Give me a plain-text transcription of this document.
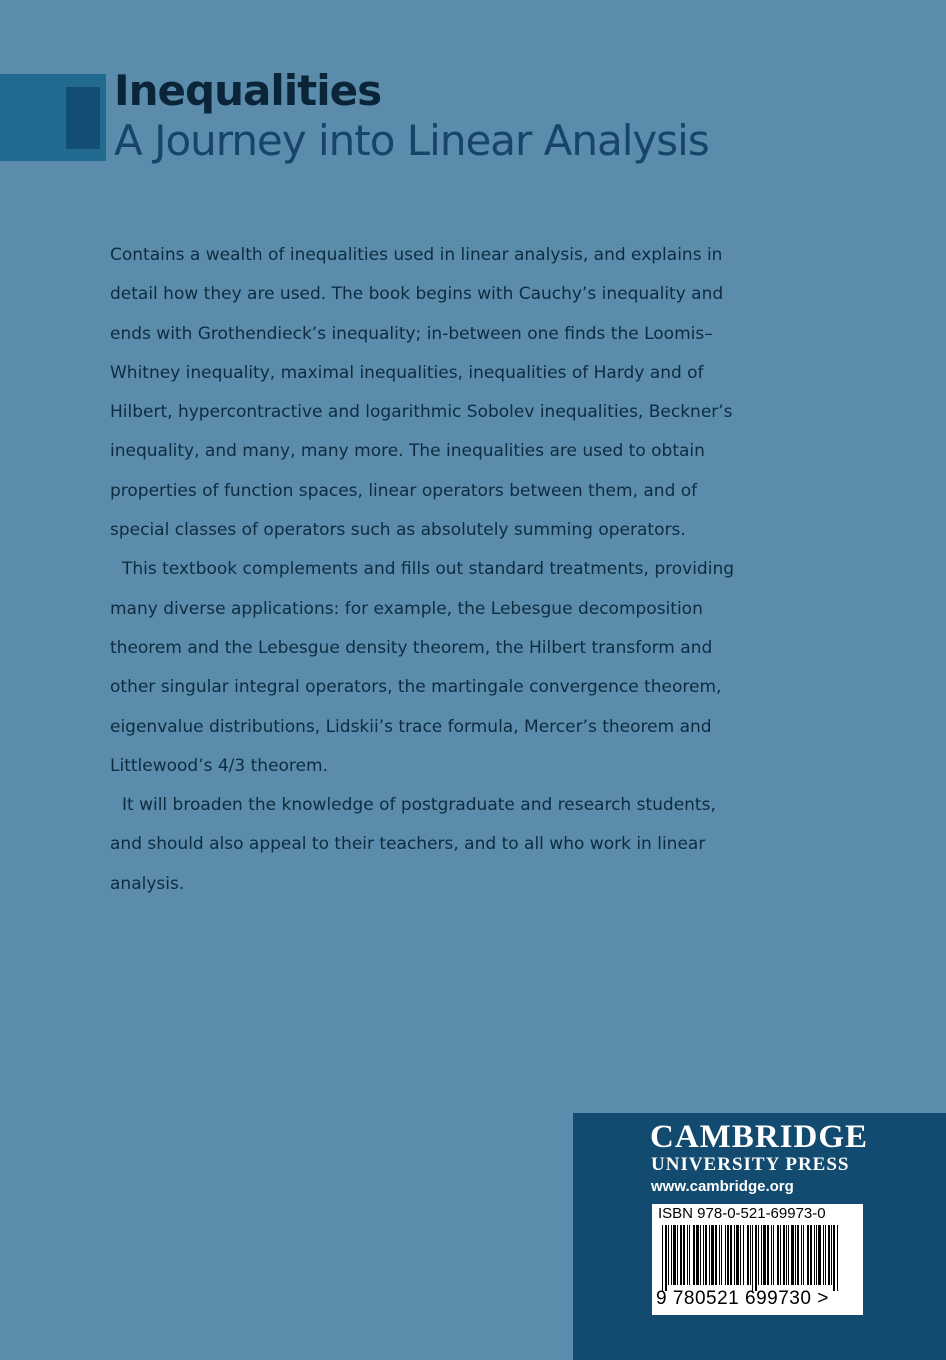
Inequalities
A Journey into Linear Analysis

Contains a wealth of inequalities used in linear analysis, and explains in detail how they are used. The book begins with Cauchy’s inequality and ends with Grothendieck’s inequality; in-between one finds the Loomis–Whitney inequality, maximal inequalities, inequalities of Hardy and of Hilbert, hypercontractive and logarithmic Sobolev inequalities, Beckner’s inequality, and many, many more. The inequalities are used to obtain properties of function spaces, linear operators between them, and of special classes of operators such as absolutely summing operators.

This textbook complements and fills out standard treatments, providing many diverse applications: for example, the Lebesgue decomposition theorem and the Lebesgue density theorem, the Hilbert transform and other singular integral operators, the martingale convergence theorem, eigenvalue distributions, Lidskii’s trace formula, Mercer’s theorem and Littlewood’s 4/3 theorem.

It will broaden the knowledge of postgraduate and research students, and should also appeal to their teachers, and to all who work in linear analysis.

CAMBRIDGE
UNIVERSITY PRESS
www.cambridge.org
ISBN 978-0-521-69973-0
9 780521 699730 >
